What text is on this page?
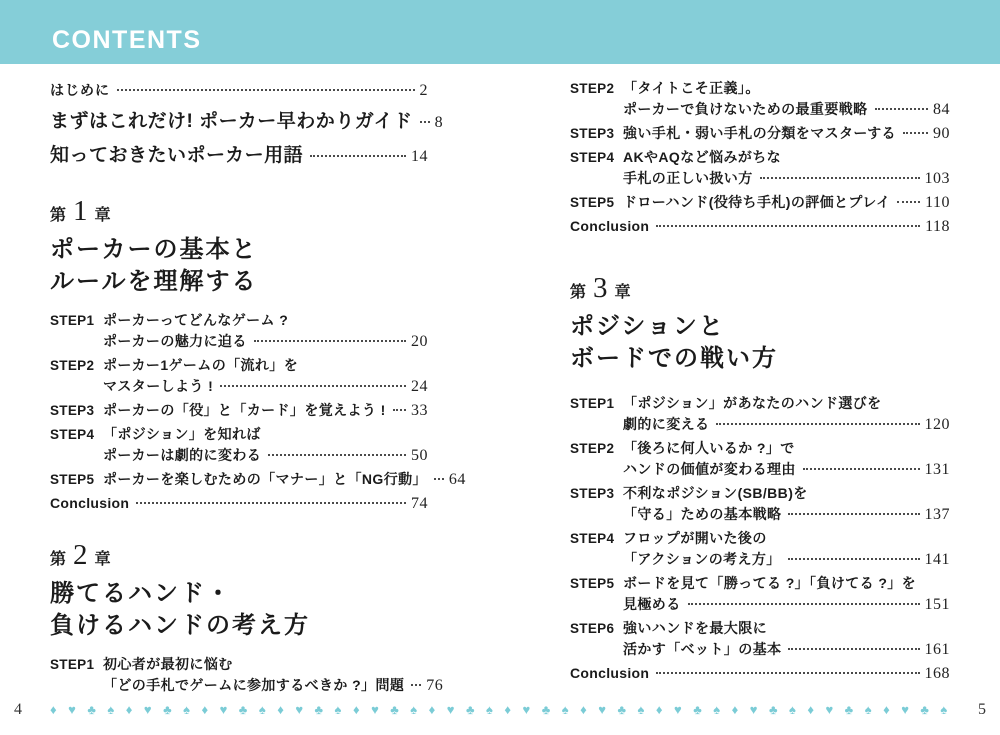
CONTENTS
はじめに	2
まずはこれだけ! ポーカー早わかりガイド 8
知っておきたいポーカー用語	14
第 1 章
ポーカーの基本と
ルールを理解する
STEP1 ポーカーってどんなゲーム ?
ポーカーの魅力に迫る	20
STEP2 ポーカー1ゲームの「流れ」を
マスターしよう !	24
STEP3 ポーカーの「役」と「カード」を覚えよう ! 33
STEP4 「ポジション」を知れば
ポーカーは劇的に変わる	50
STEP5 ポーカーを楽しむための「マナー」と「NG行動」 64
Conclusion	74
第 2 章
勝てるハンド・
負けるハンドの考え方
STEP1 初心者が最初に悩む
「どの手札でゲームに参加するべきか ?」問題 76
STEP2 「タイトこそ正義」。
ポーカーで負けないための最重要戦略	84
STEP3 強い手札・弱い手札の分類をマスターする 90
STEP4 AKやAQなど悩みがちな
手札の正しい扱い方	103
STEP5 ドローハンド(役待ち手札)の評価とプレイ 110
Conclusion	118
第 3 章
ポジションと
ボードでの戦い方
STEP1 「ポジション」があなたのハンド選びを
劇的に変える	120
STEP2 「後ろに何人いるか ?」で
ハンドの価値が変わる理由	131
STEP3 不利なポジション(SB/BB)を
「守る」ための基本戦略	137
STEP4 フロップが開いた後の
「アクションの考え方」	141
STEP5 ボードを見て「勝ってる ?」「負けてる ?」を
見極める	151
STEP6 強いハンドを最大限に
活かす「ベット」の基本	161
Conclusion	168
4 ♦ ♥ ♣ ♠ ♦ ♥ ♣ ♠ ♦ ♥ ♣ ♠ ♦ ♥ ♣ ♠ ♦ ♥ ♣ ♠ ♦ ♥ ♣ ♠ ♦ ♥ ♣ ♠ ♦ ♥ ♣ ♠ ♦ ♥ ♣ ♠ ♦ ♥ ♣ ♠ ♦ ♥ ♣ ♠ ♦ ♥ ♣ ♠ 5
